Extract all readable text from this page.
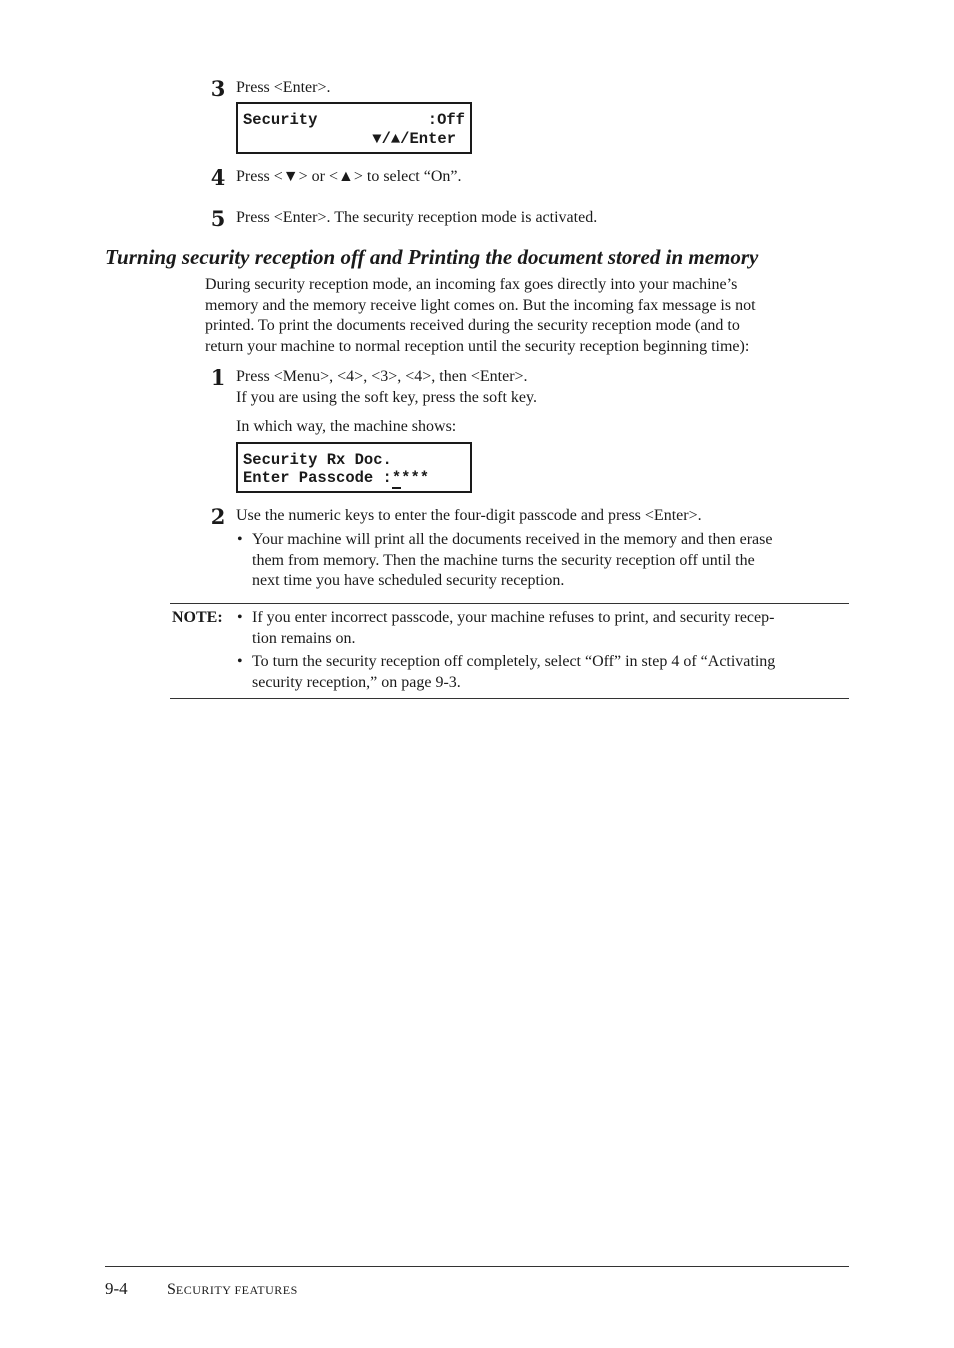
3 Press <Enter>.
Security	:Off
▼/▲/Enter
4 Press <▼> or <▲> to select “On”.
5 Press <Enter>. The security reception mode is activated.
Turning security reception off and Printing the document stored in memory
During security reception mode, an incoming fax goes directly into your machine’s
memory and the memory receive light comes on. But the incoming fax message is not
printed. To print the documents received during the security reception mode (and to
return your machine to normal reception until the security reception beginning time):
1 Press <Menu>, <4>, <3>, <4>, then <Enter>.
If you are using the soft key, press the soft key.
In which way, the machine shows:
Security Rx Doc.
Enter Passcode :****
2 Use the numeric keys to enter the four-digit passcode and press <Enter>.
• Your machine will print all the documents received in the memory and then erase
them from memory. Then the machine turns the security reception off until the
next time you have scheduled security reception.
NOTE: • If you enter incorrect passcode, your machine refuses to print, and security recep-
tion remains on.
• To turn the security reception off completely, select “Off” in step 4 of “Activating
security reception,” on page 9-3.
9-4 SECURITY FEATURES
